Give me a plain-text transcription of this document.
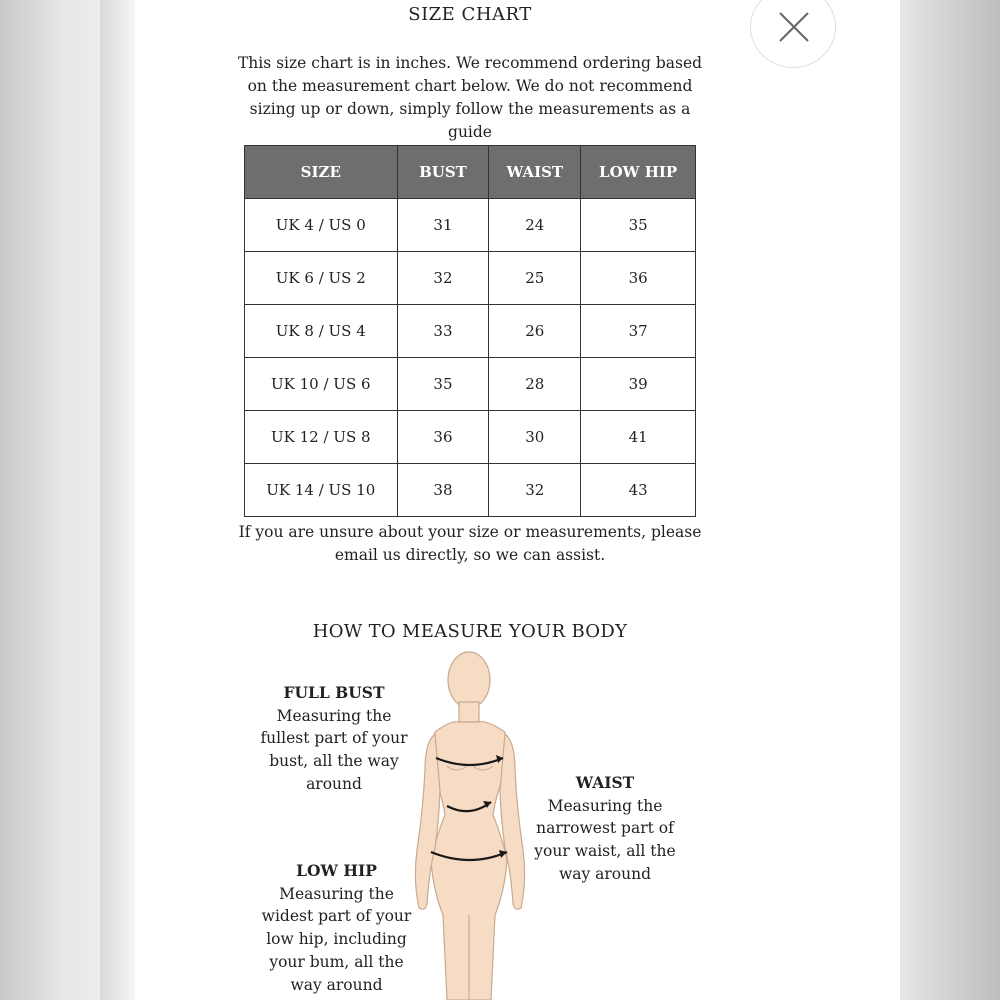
SIZE CHART
This size chart is in inches. We recommend ordering based on the measurement chart below. We do not recommend sizing up or down, simply follow the measurements as a guide
SIZE	BUST	WAIST	LOW HIP
UK 4 / US 0	31	24	35
UK 6 / US 2	32	25	36
UK 8 / US 4	33	26	37
UK 10 / US 6	35	28	39
UK 12 / US 8	36	30	41
UK 14 / US 10	38	32	43
If you are unsure about your size or measurements, please email us directly, so we can assist.
HOW TO MEASURE YOUR BODY
FULL BUST
Measuring the
fullest part of your
bust, all the way
around	WAIST
Measuring the
narrowest part of
your waist, all the
way around
LOW HIP
Measuring the
widest part of your
low hip, including
your bum, all the
way around
